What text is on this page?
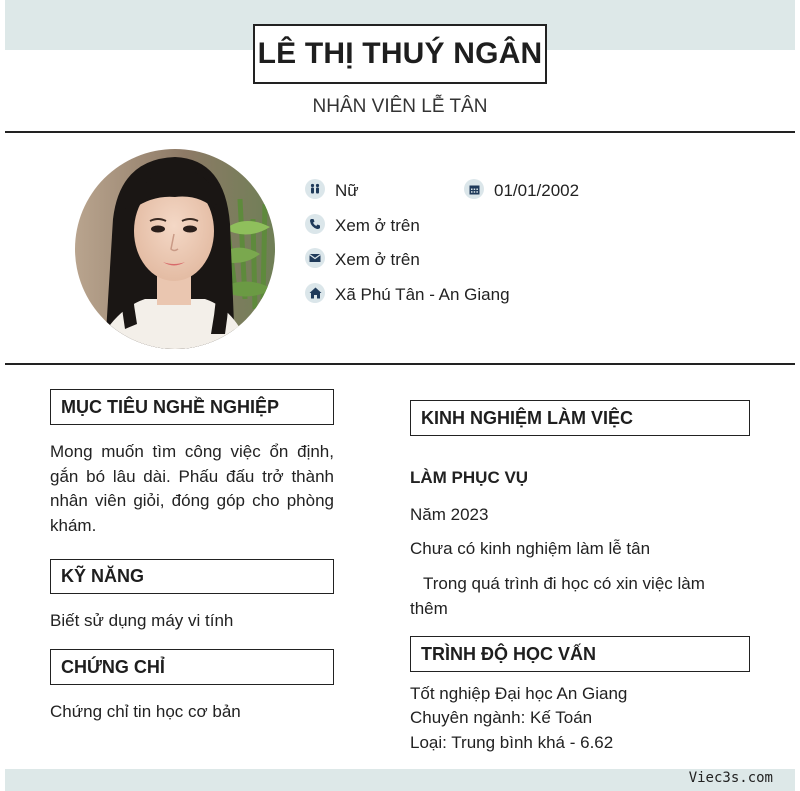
LÊ THỊ THUÝ NGÂN
NHÂN VIÊN LỄ TÂN
Nữ	01/01/2002
Xem ở trên
Xem ở trên
Xã Phú Tân - An Giang
MỤC TIÊU NGHỀ NGHIỆP
Mong muốn tìm công việc ổn định, gắn bó lâu dài. Phấu đấu trở thành nhân viên giỏi, đóng góp cho phòng khám.
KỸ NĂNG
Biết sử dụng máy vi tính
CHỨNG CHỈ
Chứng chỉ tin học cơ bản
KINH NGHIỆM LÀM VIỆC
LÀM PHỤC VỤ
Năm 2023
Chưa có kinh nghiệm làm lễ tân
Trong quá trình đi học có xin việc làm thêm
TRÌNH ĐỘ HỌC VẤN
Tốt nghiệp Đại học An Giang
Chuyên ngành: Kế Toán
Loại: Trung bình khá - 6.62
Viec3s.com
